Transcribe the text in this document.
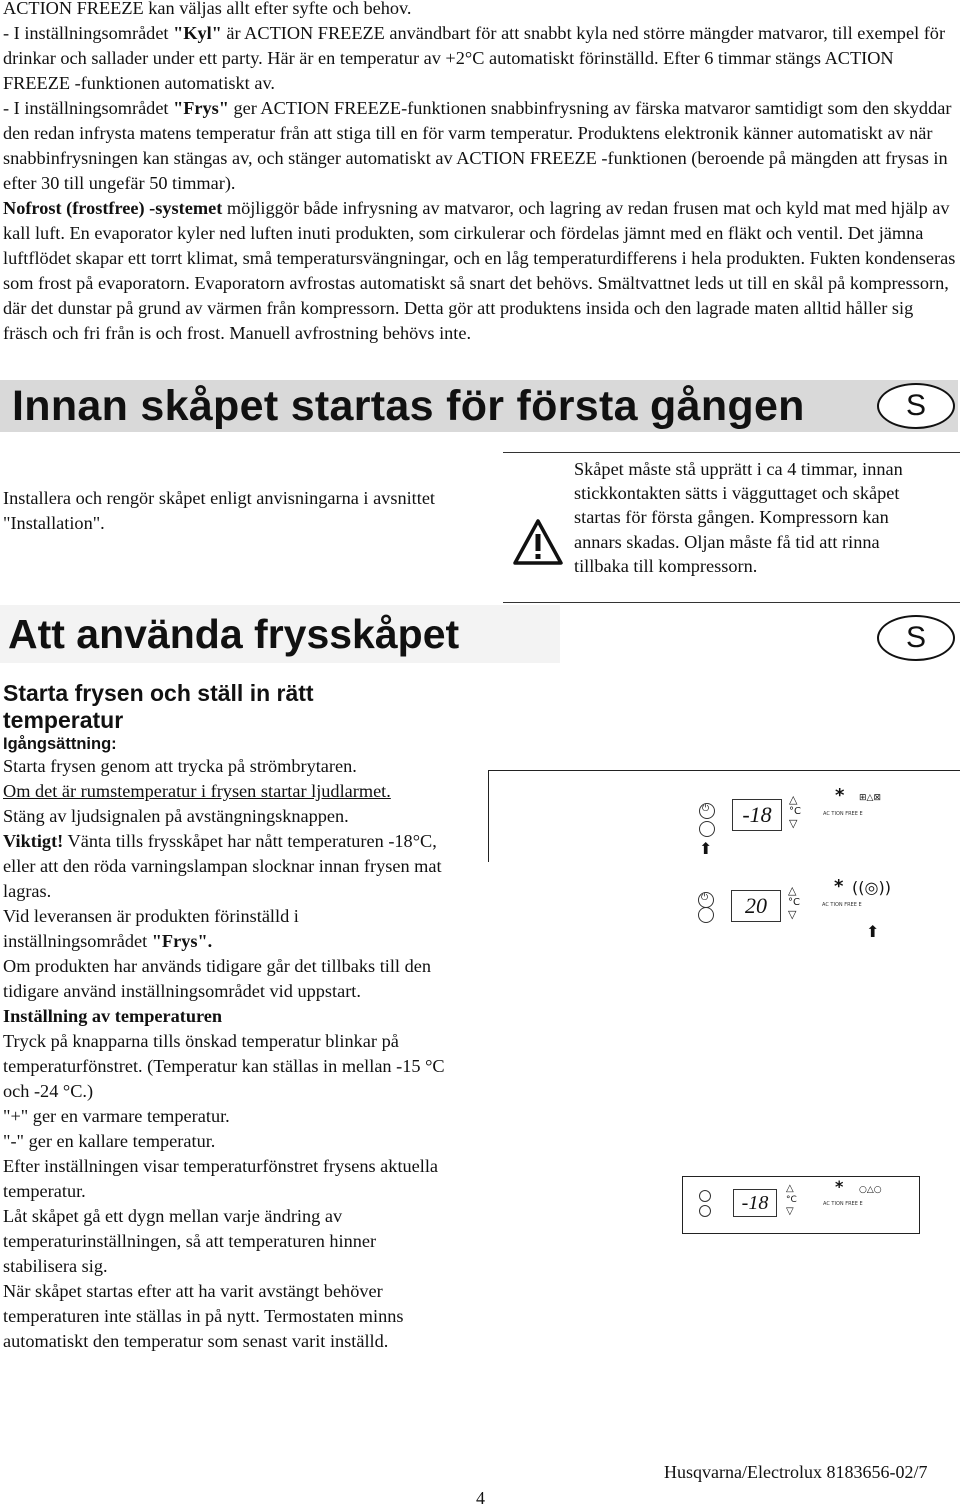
ACTION FREEZE kan väljas allt efter syfte och behov.

- I inställningsområdet "Kyl" är ACTION FREEZE användbart för att snabbt kyla ned större mängder matvaror, till exempel för drinkar och sallader under ett party. Här är en temperatur av +2°C automatiskt förinställd. Efter 6 timmar stängs ACTION FREEZE -funktionen automatiskt av.

- I inställningsområdet "Frys" ger ACTION FREEZE-funktionen snabbinfrysning av färska matvaror samtidigt som den skyddar den redan infrysta matens temperatur från att stiga till en för varm temperatur. Produktens elektronik känner automatiskt av när snabbinfrysningen kan stängas av, och stänger automatiskt av ACTION FREEZE -funktionen (beroende på mängden att frysas in efter 30 till ungefär 50 timmar).

Nofrost (frostfree) -systemet möjliggör både infrysning av matvaror, och lagring av redan frusen mat och kyld mat med hjälp av kall luft. En evaporator kyler ned luften inuti produkten, som cirkulerar och fördelas jämnt med en fläkt och ventil. Det jämna luftflödet skapar ett torrt klimat, små temperatursvängningar, och en låg temperaturdifferens i hela produkten. Fukten kondenseras som frost på evaporatorn. Evaporatorn avfrostas automatiskt så snart det behövs. Smältvattnet leds ut till en skål på kompressorn, där det dunstar på grund av värmen från kompressorn. Detta gör att produktens insida och den lagrade maten alltid håller sig fräsch och fri från is och frost. Manuell avfrostning behövs inte.

Innan skåpet startas för första gången	S
Installera och rengör skåpet enligt anvisningarna i avsnittet "Installation".
Skåpet måste stå upprätt i ca 4 timmar, innan stickkontakten sätts i vägguttaget och skåpet startas för första gången. Kompressorn kan annars skadas. Oljan måste få tid att rinna tillbaka till kompressorn.
Att använda frysskåpet	S
Starta frysen och ställ in rätt temperatur
Igångsättning:

Starta frysen genom att trycka på strömbrytaren.

Om det är rumstemperatur i frysen startar ljudlarmet.

Stäng av ljudsignalen på avstängningsknappen.

Viktigt! Vänta tills frysskåpet har nått temperaturen -18°C, eller att den röda varningslampan slocknar innan frysen mat lagras.

Vid leveransen är produkten förinställd i inställningsområdet "Frys".

Om produkten har används tidigare går det tillbaks till den tidigare använd inställningsområdet vid uppstart.

Inställning av temperaturen

Tryck på knapparna tills önskad temperatur blinkar på temperaturfönstret. (Temperatur kan ställas in mellan -15 °C och -24 °C.)

"+" ger en varmare temperatur.

"-" ger en kallare temperatur.

Efter inställningen visar temperaturfönstret frysens aktuella temperatur.

Låt skåpet gå ett dygn mellan varje ändring av temperaturinställningen, så att temperaturen hinner stabilisera sig.

När skåpet startas efter att ha varit avstängt behöver temperaturen inte ställas in på nytt. Termostaten minns automatiskt den temperatur som senast varit inställd.

⏻
⬆
-18
△
°C
▽
*
AC TION FREE E
⊞△⊠
⏻	20
△
°C
▽
*
AC TION FREE E
((◎))
⬆
-18
△
°C
▽
*
AC TION FREE E
○△○
Husqvarna/Electrolux 8183656-02/7
4
